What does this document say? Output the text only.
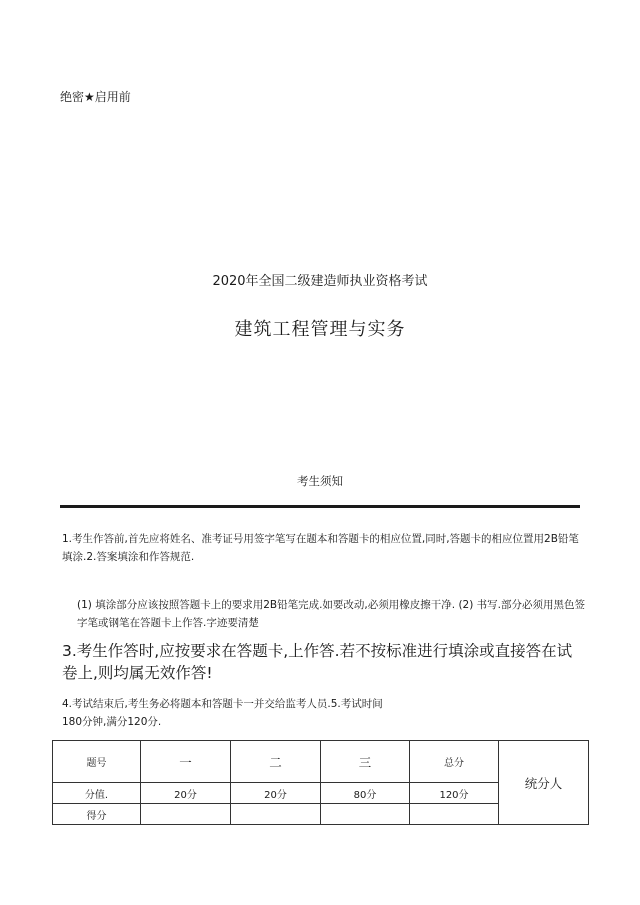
绝密★启用前
2020年全国二级建造师执业资格考试
建筑工程管理与实务
考生须知
1.考生作答前,首先应将姓名、准考证号用签字笔写在题本和答题卡的相应位置,同时,答题卡的相应位置用2B铅笔填涂.2.答案填涂和作答规范.
(1) 填涂部分应该按照答题卡上的要求用2B铅笔完成.如要改动,必须用橡皮擦干净. (2) 书写.部分必须用黑色签字笔或钢笔在答题卡上作答.字迹要清楚
3.考生作答时,应按要求在答题卡,上作答.若不按标准进行填涂或直接答在试卷上,则均属无效作答!
4.考试结束后,考生务必将题本和答题卡一并交给监考人员.5.考试时间
180分钟,满分120分.
题号	一	二	三	总分	统分人
分值.	20分	20分	80分	120分	
得分					
